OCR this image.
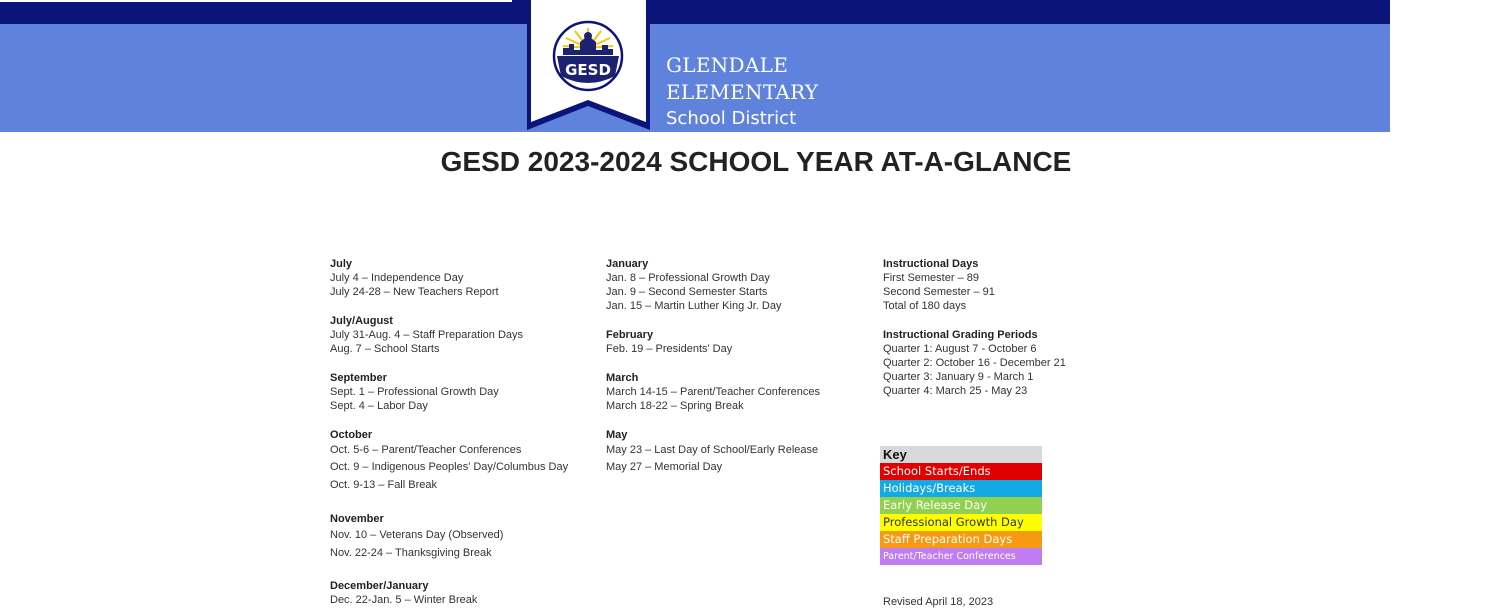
GESD	GLENDALE
ELEMENTARY
School District
GESD 2023-2024 SCHOOL YEAR AT-A-GLANCE
July
July 4 – Independence Day
July 24-28 – New Teachers Report
July/August
July 31-Aug. 4 – Staff Preparation Days
Aug. 7 – School Starts
September
Sept. 1 – Professional Growth Day
Sept. 4 – Labor Day
October
Oct. 5-6 – Parent/Teacher Conferences
Oct. 9 – Indigenous Peoples' Day/Columbus Day
Oct. 9-13 – Fall Break
November
Nov. 10 – Veterans Day (Observed)
Nov. 22-24 – Thanksgiving Break
December/January
Dec. 22-Jan. 5 – Winter Break
January
Jan. 8 – Professional Growth Day
Jan. 9 – Second Semester Starts
Jan. 15 – Martin Luther King Jr. Day
February
Feb. 19 – Presidents' Day
March
March 14-15 – Parent/Teacher Conferences
March 18-22 – Spring Break
May
May 23 – Last Day of School/Early Release
May 27 – Memorial Day
Instructional Days
First Semester – 89
Second Semester – 91
Total of 180 days
Instructional Grading Periods
Quarter 1: August 7 - October 6
Quarter 2: October 16 - December 21
Quarter 3: January 9 - March 1
Quarter 4: March 25 - May 23
Key
School Starts/Ends
Holidays/Breaks
Early Release Day
Professional Growth Day
Staff Preparation Days
Parent/Teacher Conferences
Revised April 18, 2023
